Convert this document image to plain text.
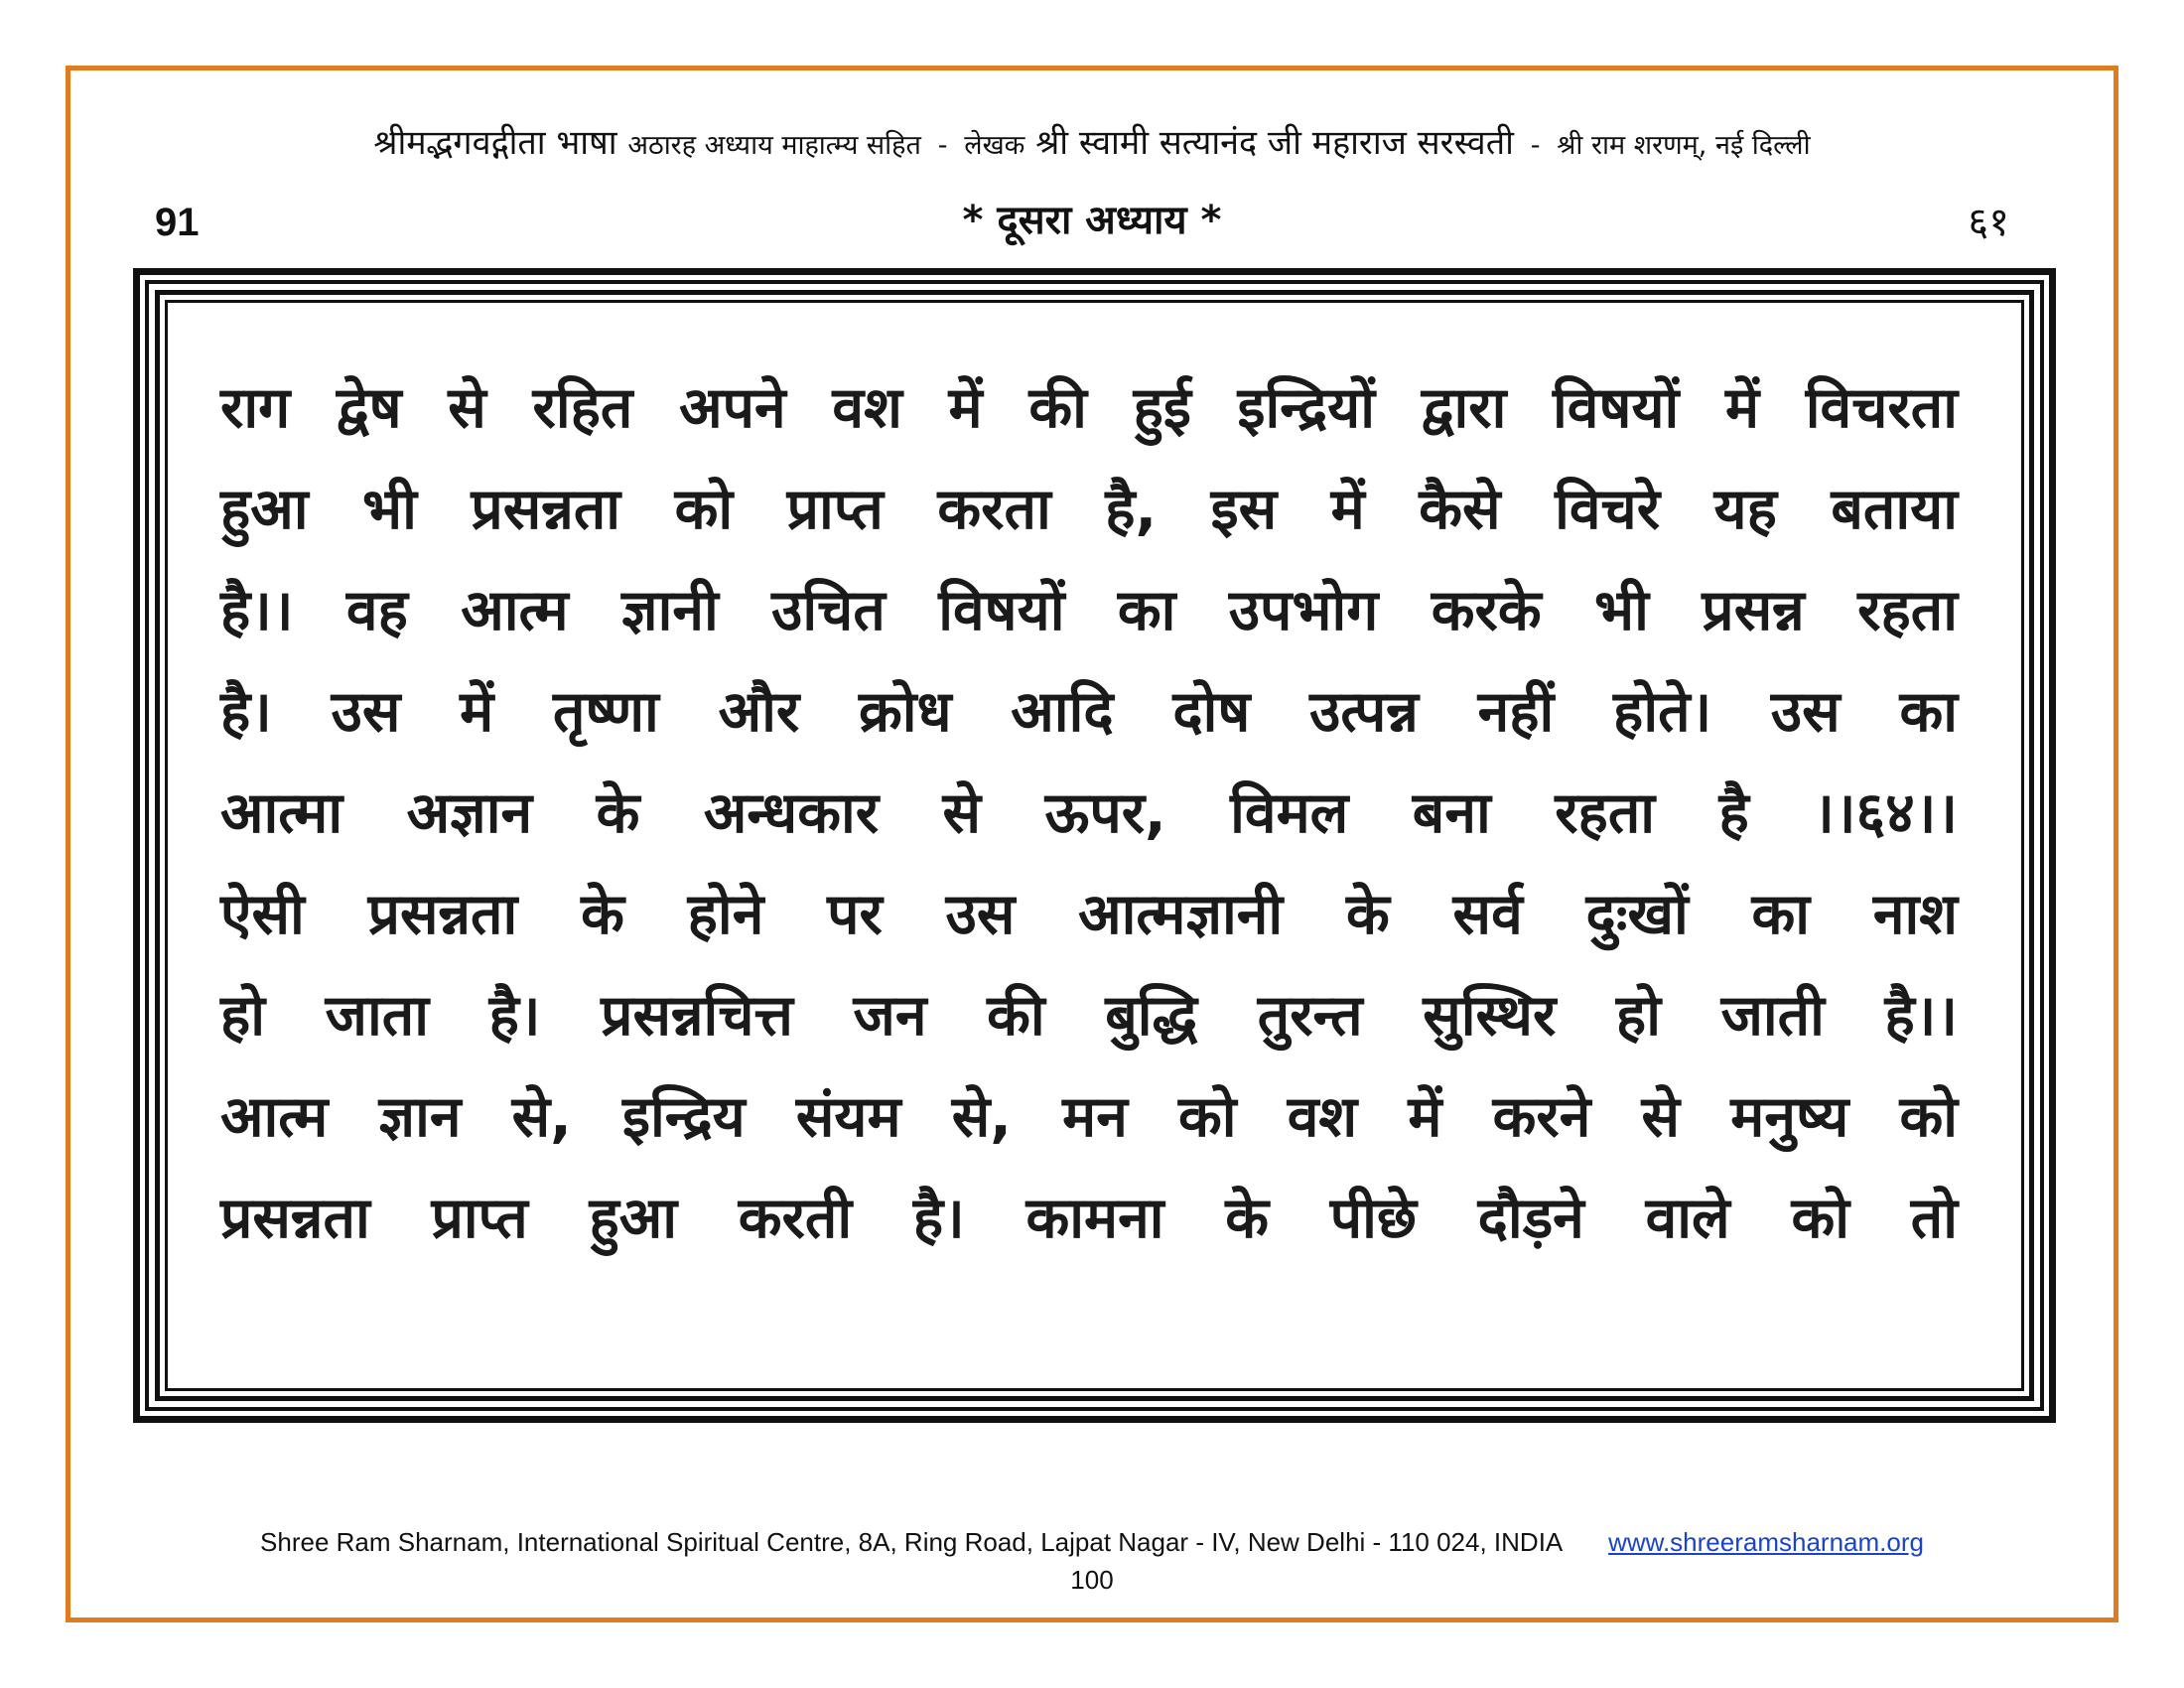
श्रीमद्भगवद्गीता भाषा अठारह अध्याय माहात्म्य सहित - लेखक श्री स्वामी सत्यानंद जी महाराज सरस्वती - श्री राम शरणम्, नई दिल्ली
91	* दूसरा अध्याय *	६१
राग द्वेष से रहित अपने वश में की हुई इन्द्रियों द्वारा विषयों में विचरता
हुआ भी प्रसन्नता को प्राप्त करता है, इस में कैसे विचरे यह बताया
है।। वह आत्म ज्ञानी उचित विषयों का उपभोग करके भी प्रसन्न रहता
है। उस में तृष्णा और क्रोध आदि दोष उत्पन्न नहीं होते। उस का
आत्मा अज्ञान के अन्धकार से ऊपर, विमल बना रहता है ।।६४।।
ऐसी प्रसन्नता के होने पर उस आत्मज्ञानी के सर्व दुःखों का नाश
हो जाता है। प्रसन्नचित्त जन की बुद्धि तुरन्त सुस्थिर हो जाती है।।
आत्म ज्ञान से, इन्द्रिय संयम से, मन को वश में करने से मनुष्य को
प्रसन्नता प्राप्त हुआ करती है। कामना के पीछे दौड़ने वाले को तो
Shree Ram Sharnam, International Spiritual Centre, 8A, Ring Road, Lajpat Nagar - IV, New Delhi - 110 024, INDIA www.shreeramsharnam.org
100
